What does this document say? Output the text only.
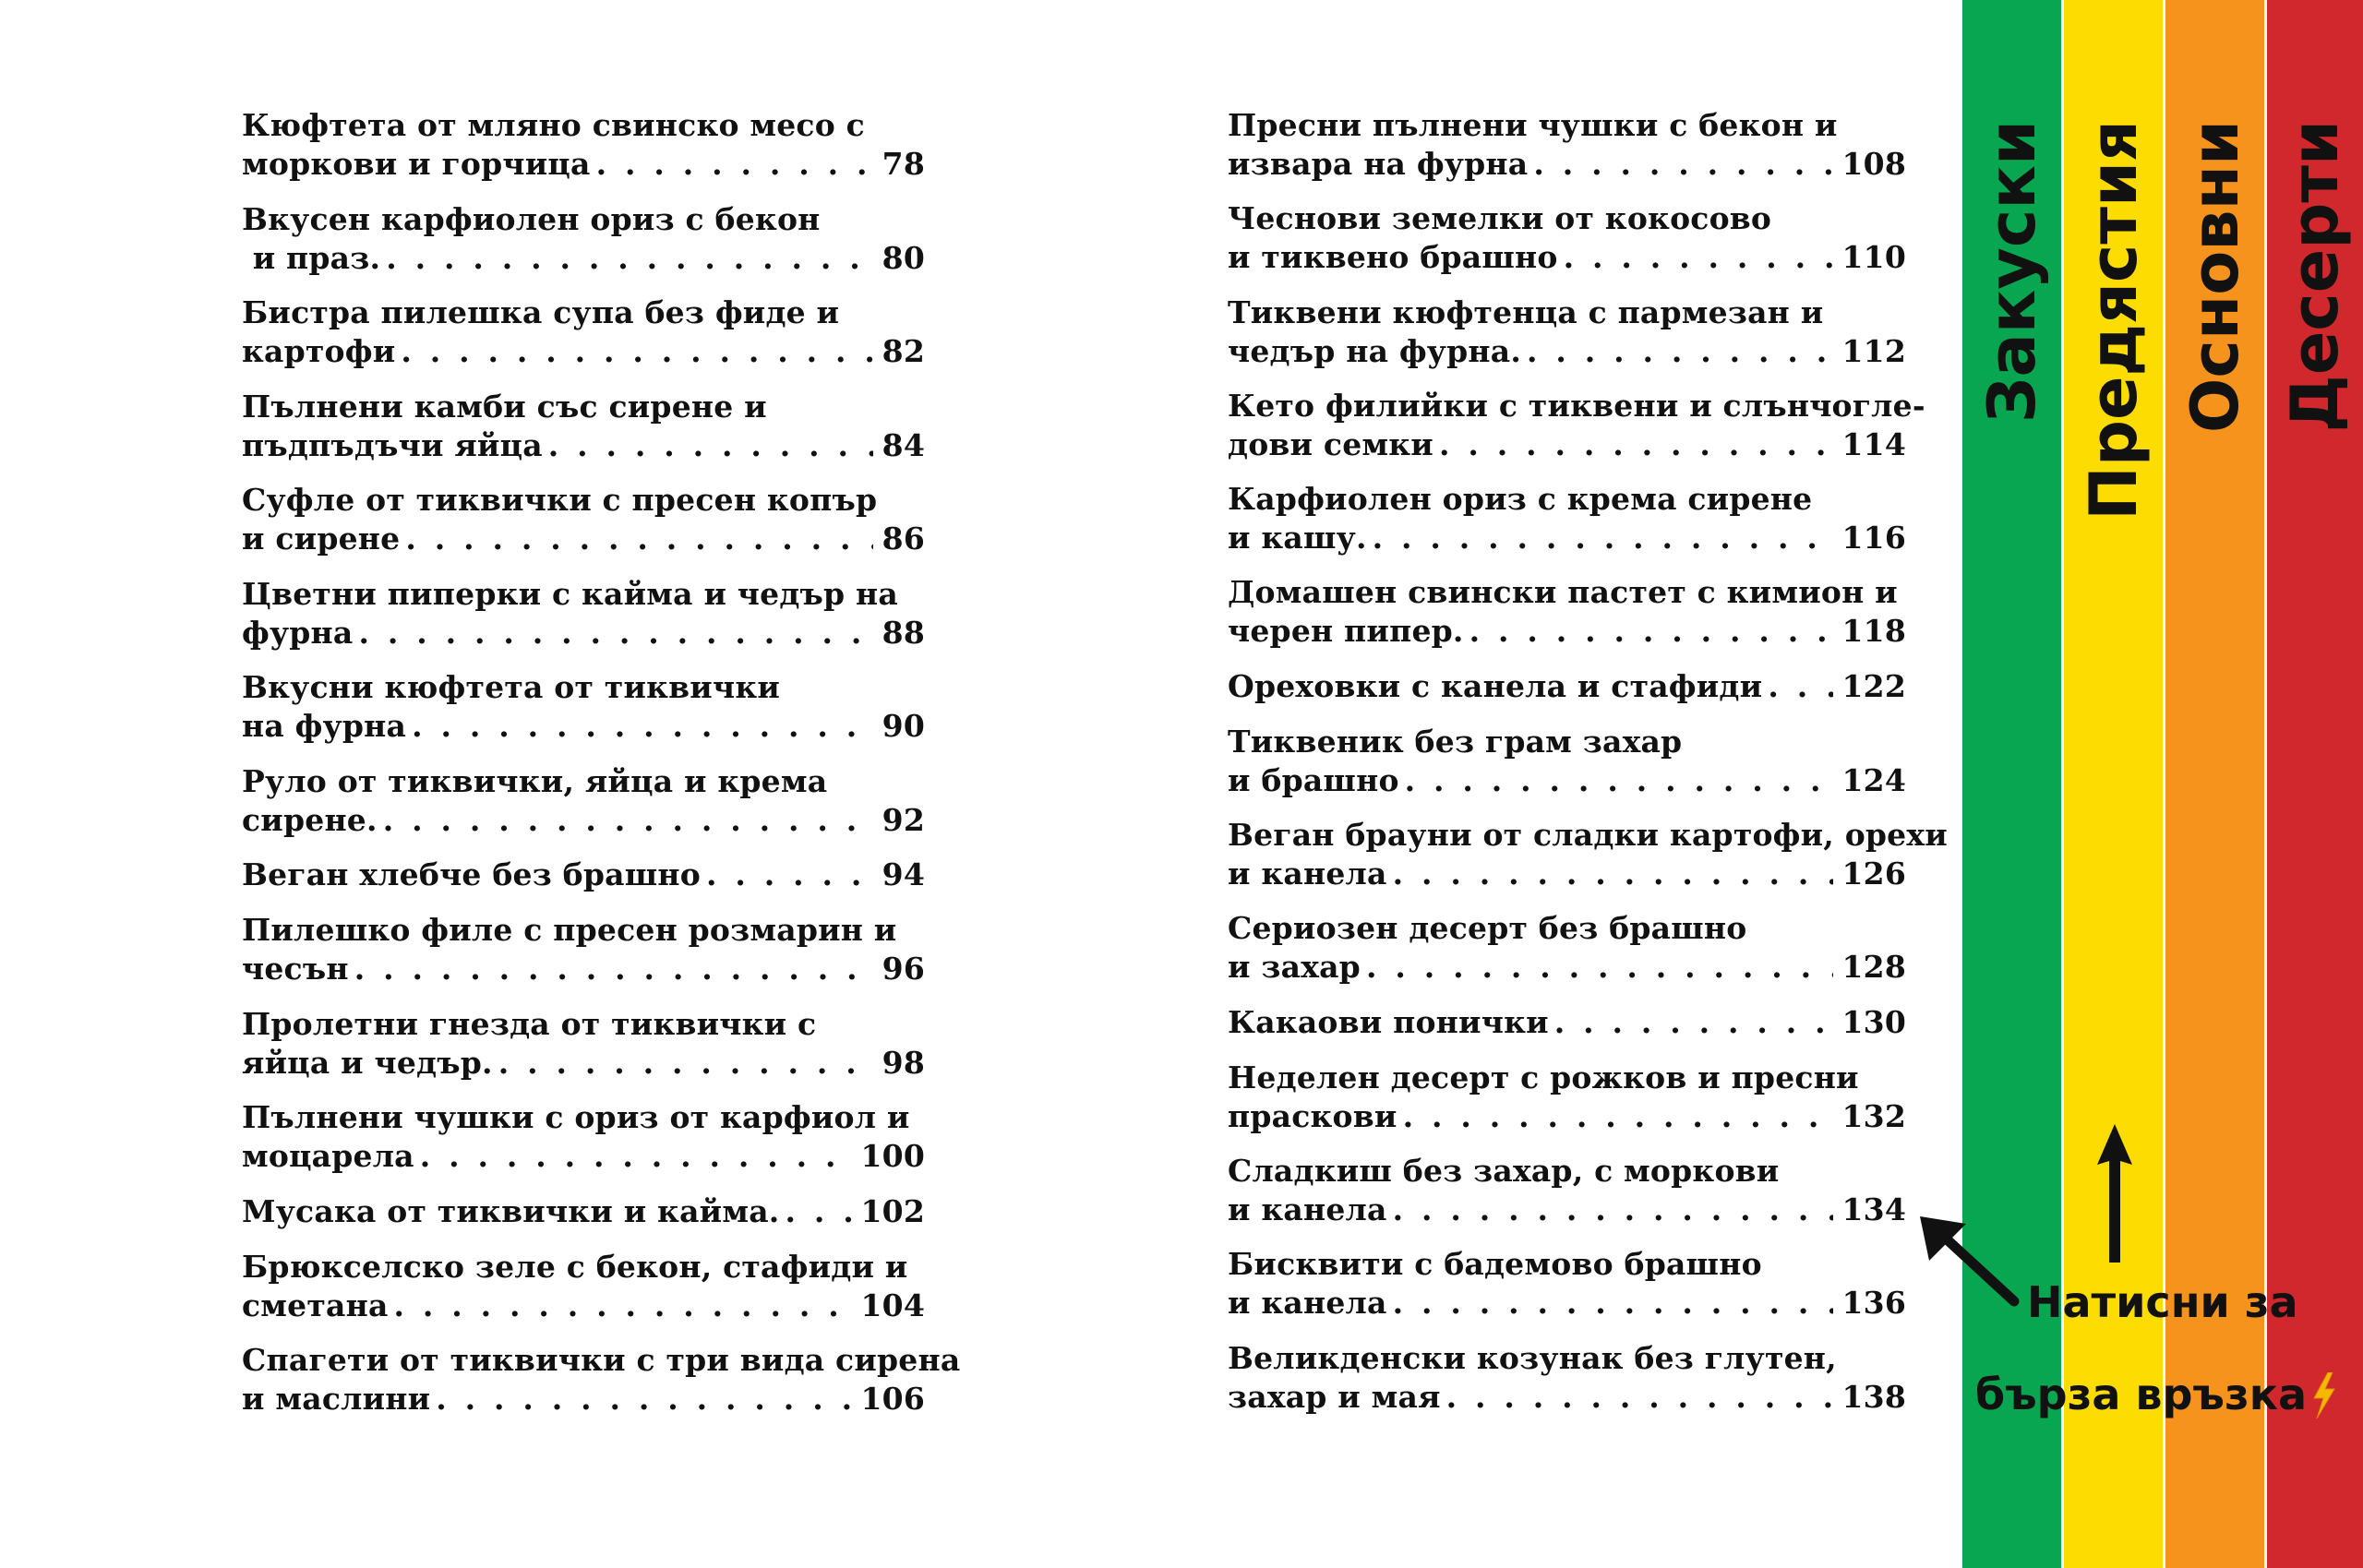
Кюфтета от мляно свинско месо с
моркови и горчица . . .	78
Вкусен карфиолен ориз с бекон
и праз. . . .	80
Бистра пилешка супа без фиде и
картофи . . .	82
Пълнени камби със сирене и
пъдпъдъчи яйца . . .	84
Суфле от тиквички с пресен копър
и сирене . . .	86
Цветни пиперки с кайма и чедър на
фурна . . .	88
Вкусни кюфтета от тиквички
на фурна . . .	90
Руло от тиквички, яйца и крема
сирене. . . .	92
Веган хлебче без брашно . . .	94
Пилешко филе с пресен розмарин и
чесън . . .	96
Пролетни гнезда от тиквички с
яйца и чедър. . . .	98
Пълнени чушки с ориз от карфиол и
моцарела . . .	100
Мусака от тиквички и кайма. . . .	102
Брюкселско зеле с бекон, стафиди и
сметана . . .	104
Спагети от тиквички с три вида сирена
и маслини . . .	106
Пресни пълнени чушки с бекон и
извара на фурна . . .	108
Чеснови земелки от кокосово
и тиквено брашно . . .	110
Тиквени кюфтенца с пармезан и
чедър на фурна. . . .	112
Кето филийки с тиквени и слънчогле-
дови семки . . .	114
Карфиолен ориз с крема сирене
и кашу. . . .	116
Домашен свински пастет с кимион и
черен пипер. . . .	118
Ореховки с канела и стафиди . . .	122
Тиквеник без грам захар
и брашно . . .	124
Веган брауни от сладки картофи, орехи
и канела . . .	126
Сериозен десерт без брашно
и захар . . .	128
Какаови понички . . .	130
Неделен десерт с рожков и пресни
праскови . . .	132
Сладкиш без захар, с моркови
и канела . . .	134
Бисквити с бадемово брашно
и канела . . .	136
Великденски козунак без глутен,
захар и мая . . .	138
Закуски Предястия Основни Десерти
Натисни за
бърза връзка
